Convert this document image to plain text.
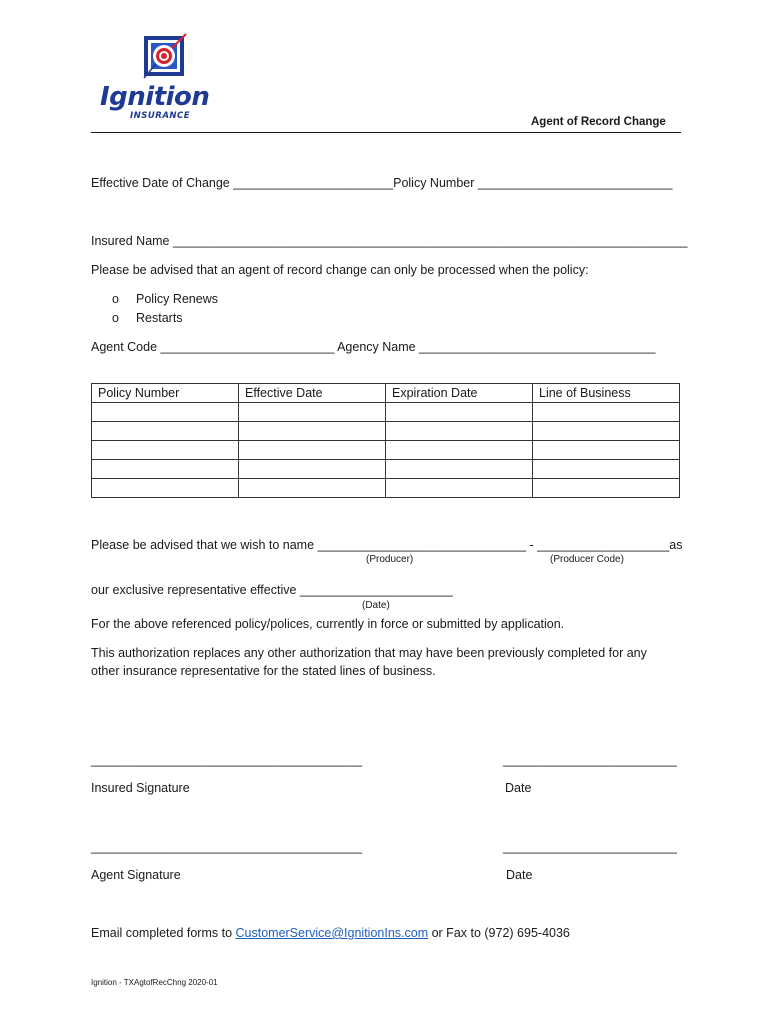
Ignition
INSURANCE	Agent of Record Change
Effective Date of Change _______________________Policy Number ____________________________
Insured Name __________________________________________________________________________
Please be advised that an agent of record change can only be processed when the policy:
o Policy Renews
o Restarts
Agent Code _________________________ Agency Name __________________________________
Policy Number	Effective Date	Expiration Date	Line of Business

Please be advised that we wish to name ______________________________ - ___________________as
(Producer)	(Producer Code)
our exclusive representative effective ______________________
(Date)
For the above referenced policy/polices, currently in force or submitted by application.
This authorization replaces any other authorization that may have been previously completed for any
other insurance representative for the stated lines of business.
_______________________________________	_________________________
Insured Signature	Date
_______________________________________	_________________________
Agent Signature	Date
Email completed forms to CustomerService@IgnitionIns.com or Fax to (972) 695-4036
Ignition - TXAgtofRecChng 2020-01
